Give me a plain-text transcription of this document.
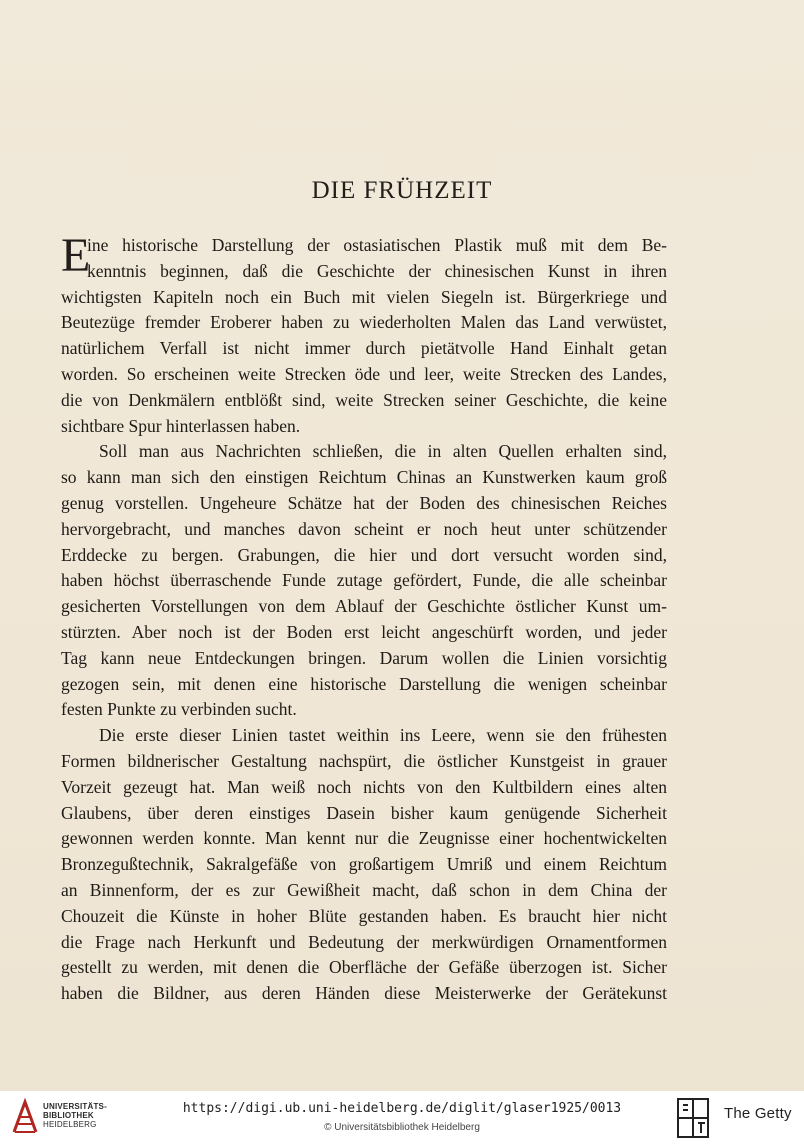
DIE FRÜHZEIT
E
ine historische Darstellung der ostasiatischen Plastik muß mit dem Be-
kenntnis beginnen, daß die Geschichte der chinesischen Kunst in ihren
wichtigsten Kapiteln noch ein Buch mit vielen Siegeln ist. Bürgerkriege und
Beutezüge fremder Eroberer haben zu wiederholten Malen das Land verwüstet,
natürlichem Verfall ist nicht immer durch pietätvolle Hand Einhalt getan
worden. So erscheinen weite Strecken öde und leer, weite Strecken des Landes,
die von Denkmälern entblößt sind, weite Strecken seiner Geschichte, die keine
sichtbare Spur hinterlassen haben.
Soll man aus Nachrichten schließen, die in alten Quellen erhalten sind,
so kann man sich den einstigen Reichtum Chinas an Kunstwerken kaum groß
genug vorstellen. Ungeheure Schätze hat der Boden des chinesischen Reiches
hervorgebracht, und manches davon scheint er noch heut unter schützender
Erddecke zu bergen. Grabungen, die hier und dort versucht worden sind,
haben höchst überraschende Funde zutage gefördert, Funde, die alle scheinbar
gesicherten Vorstellungen von dem Ablauf der Geschichte östlicher Kunst um-
stürzten. Aber noch ist der Boden erst leicht angeschürft worden, und jeder
Tag kann neue Entdeckungen bringen. Darum wollen die Linien vorsichtig
gezogen sein, mit denen eine historische Darstellung die wenigen scheinbar
festen Punkte zu verbinden sucht.
Die erste dieser Linien tastet weithin ins Leere, wenn sie den frühesten
Formen bildnerischer Gestaltung nachspürt, die östlicher Kunstgeist in grauer
Vorzeit gezeugt hat. Man weiß noch nichts von den Kultbildern eines alten
Glaubens, über deren einstiges Dasein bisher kaum genügende Sicherheit
gewonnen werden konnte. Man kennt nur die Zeugnisse einer hochentwickelten
Bronzegußtechnik, Sakralgefäße von großartigem Umriß und einem Reichtum
an Binnenform, der es zur Gewißheit macht, daß schon in dem China der
Chouzeit die Künste in hoher Blüte gestanden haben. Es braucht hier nicht
die Frage nach Herkunft und Bedeutung der merkwürdigen Ornamentformen
gestellt zu werden, mit denen die Oberfläche der Gefäße überzogen ist. Sicher
haben die Bildner, aus deren Händen diese Meisterwerke der Gerätekunst
UNIVERSITÄTS-
BIBLIOTHEK
HEIDELBERG
https://digi.ub.uni-heidelberg.de/diglit/glaser1925/0013
© Universitätsbibliothek Heidelberg
The Getty
